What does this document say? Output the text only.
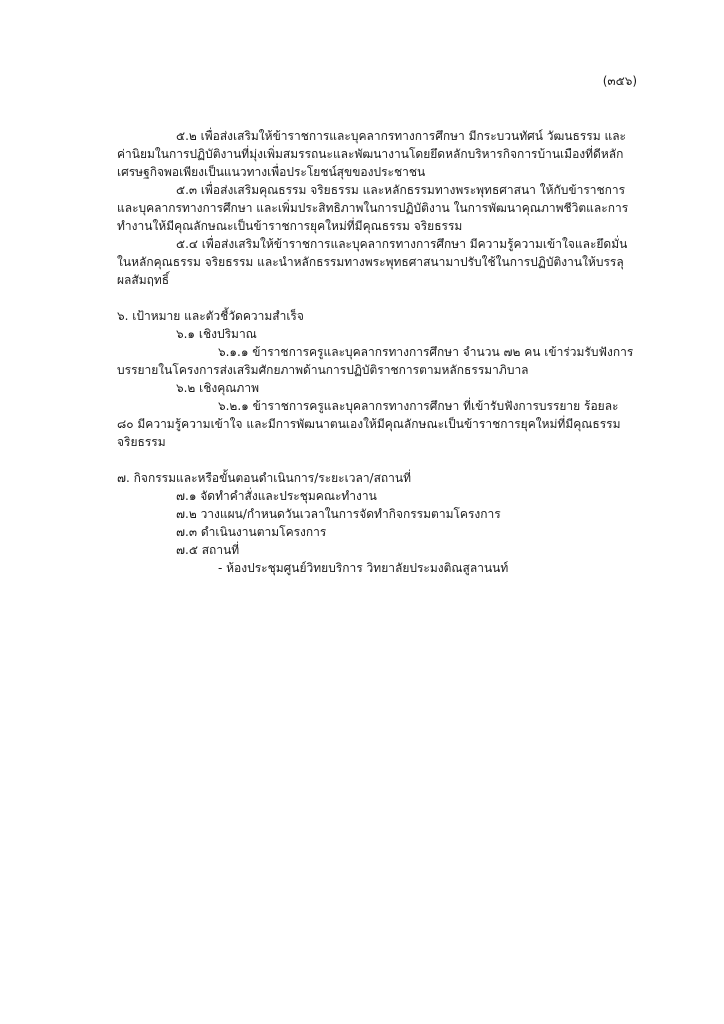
(๓๕๖)

๕.๒ เพื่อส่งเสริมให้ข้าราชการและบุคลากรทางการศึกษา มีกระบวนทัศน์ วัฒนธรรม และค่านิยมในการปฏิบัติงานที่มุ่งเพิ่มสมรรถนะและพัฒนางานโดยยึดหลักบริหารกิจการบ้านเมืองที่ดีหลักเศรษฐกิจพอเพียงเป็นแนวทางเพื่อประโยชน์สุขของประชาชน

๕.๓ เพื่อส่งเสริมคุณธรรม จริยธรรม และหลักธรรมทางพระพุทธศาสนา ให้กับข้าราชการและบุคลากรทางการศึกษา และเพิ่มประสิทธิภาพในการปฏิบัติงาน ในการพัฒนาคุณภาพชีวิตและการทำงานให้มีคุณลักษณะเป็นข้าราชการยุคใหม่ที่มีคุณธรรม จริยธรรม

๕.๔ เพื่อส่งเสริมให้ข้าราชการและบุคลากรทางการศึกษา มีความรู้ความเข้าใจและยึดมั่นในหลักคุณธรรม จริยธรรม และนำหลักธรรมทางพระพุทธศาสนามาปรับใช้ในการปฏิบัติงานให้บรรลุผลสัมฤทธิ์

๖. เป้าหมาย และตัวชี้วัดความสำเร็จ

๖.๑ เชิงปริมาณ

๖.๑.๑ ข้าราชการครูและบุคลากรทางการศึกษา จำนวน ๗๒ คน เข้าร่วมรับฟังการบรรยายในโครงการส่งเสริมศักยภาพด้านการปฏิบัติราชการตามหลักธรรมาภิบาล

๖.๒ เชิงคุณภาพ

๖.๒.๑ ข้าราชการครูและบุคลากรทางการศึกษา ที่เข้ารับฟังการบรรยาย ร้อยละ ๘๐ มีความรู้ความเข้าใจ และมีการพัฒนาตนเองให้มีคุณลักษณะเป็นข้าราชการยุคใหม่ที่มีคุณธรรมจริยธรรม

๗. กิจกรรมและหรือขั้นตอนดำเนินการ/ระยะเวลา/สถานที่

๗.๑ จัดทำคำสั่งและประชุมคณะทำงาน

๗.๒ วางแผน/กำหนดวันเวลาในการจัดทำกิจกรรมตามโครงการ

๗.๓ ดำเนินงานตามโครงการ

๗.๕ สถานที่

- ห้องประชุมศูนย์วิทยบริการ วิทยาลัยประมงติณสูลานนท์
